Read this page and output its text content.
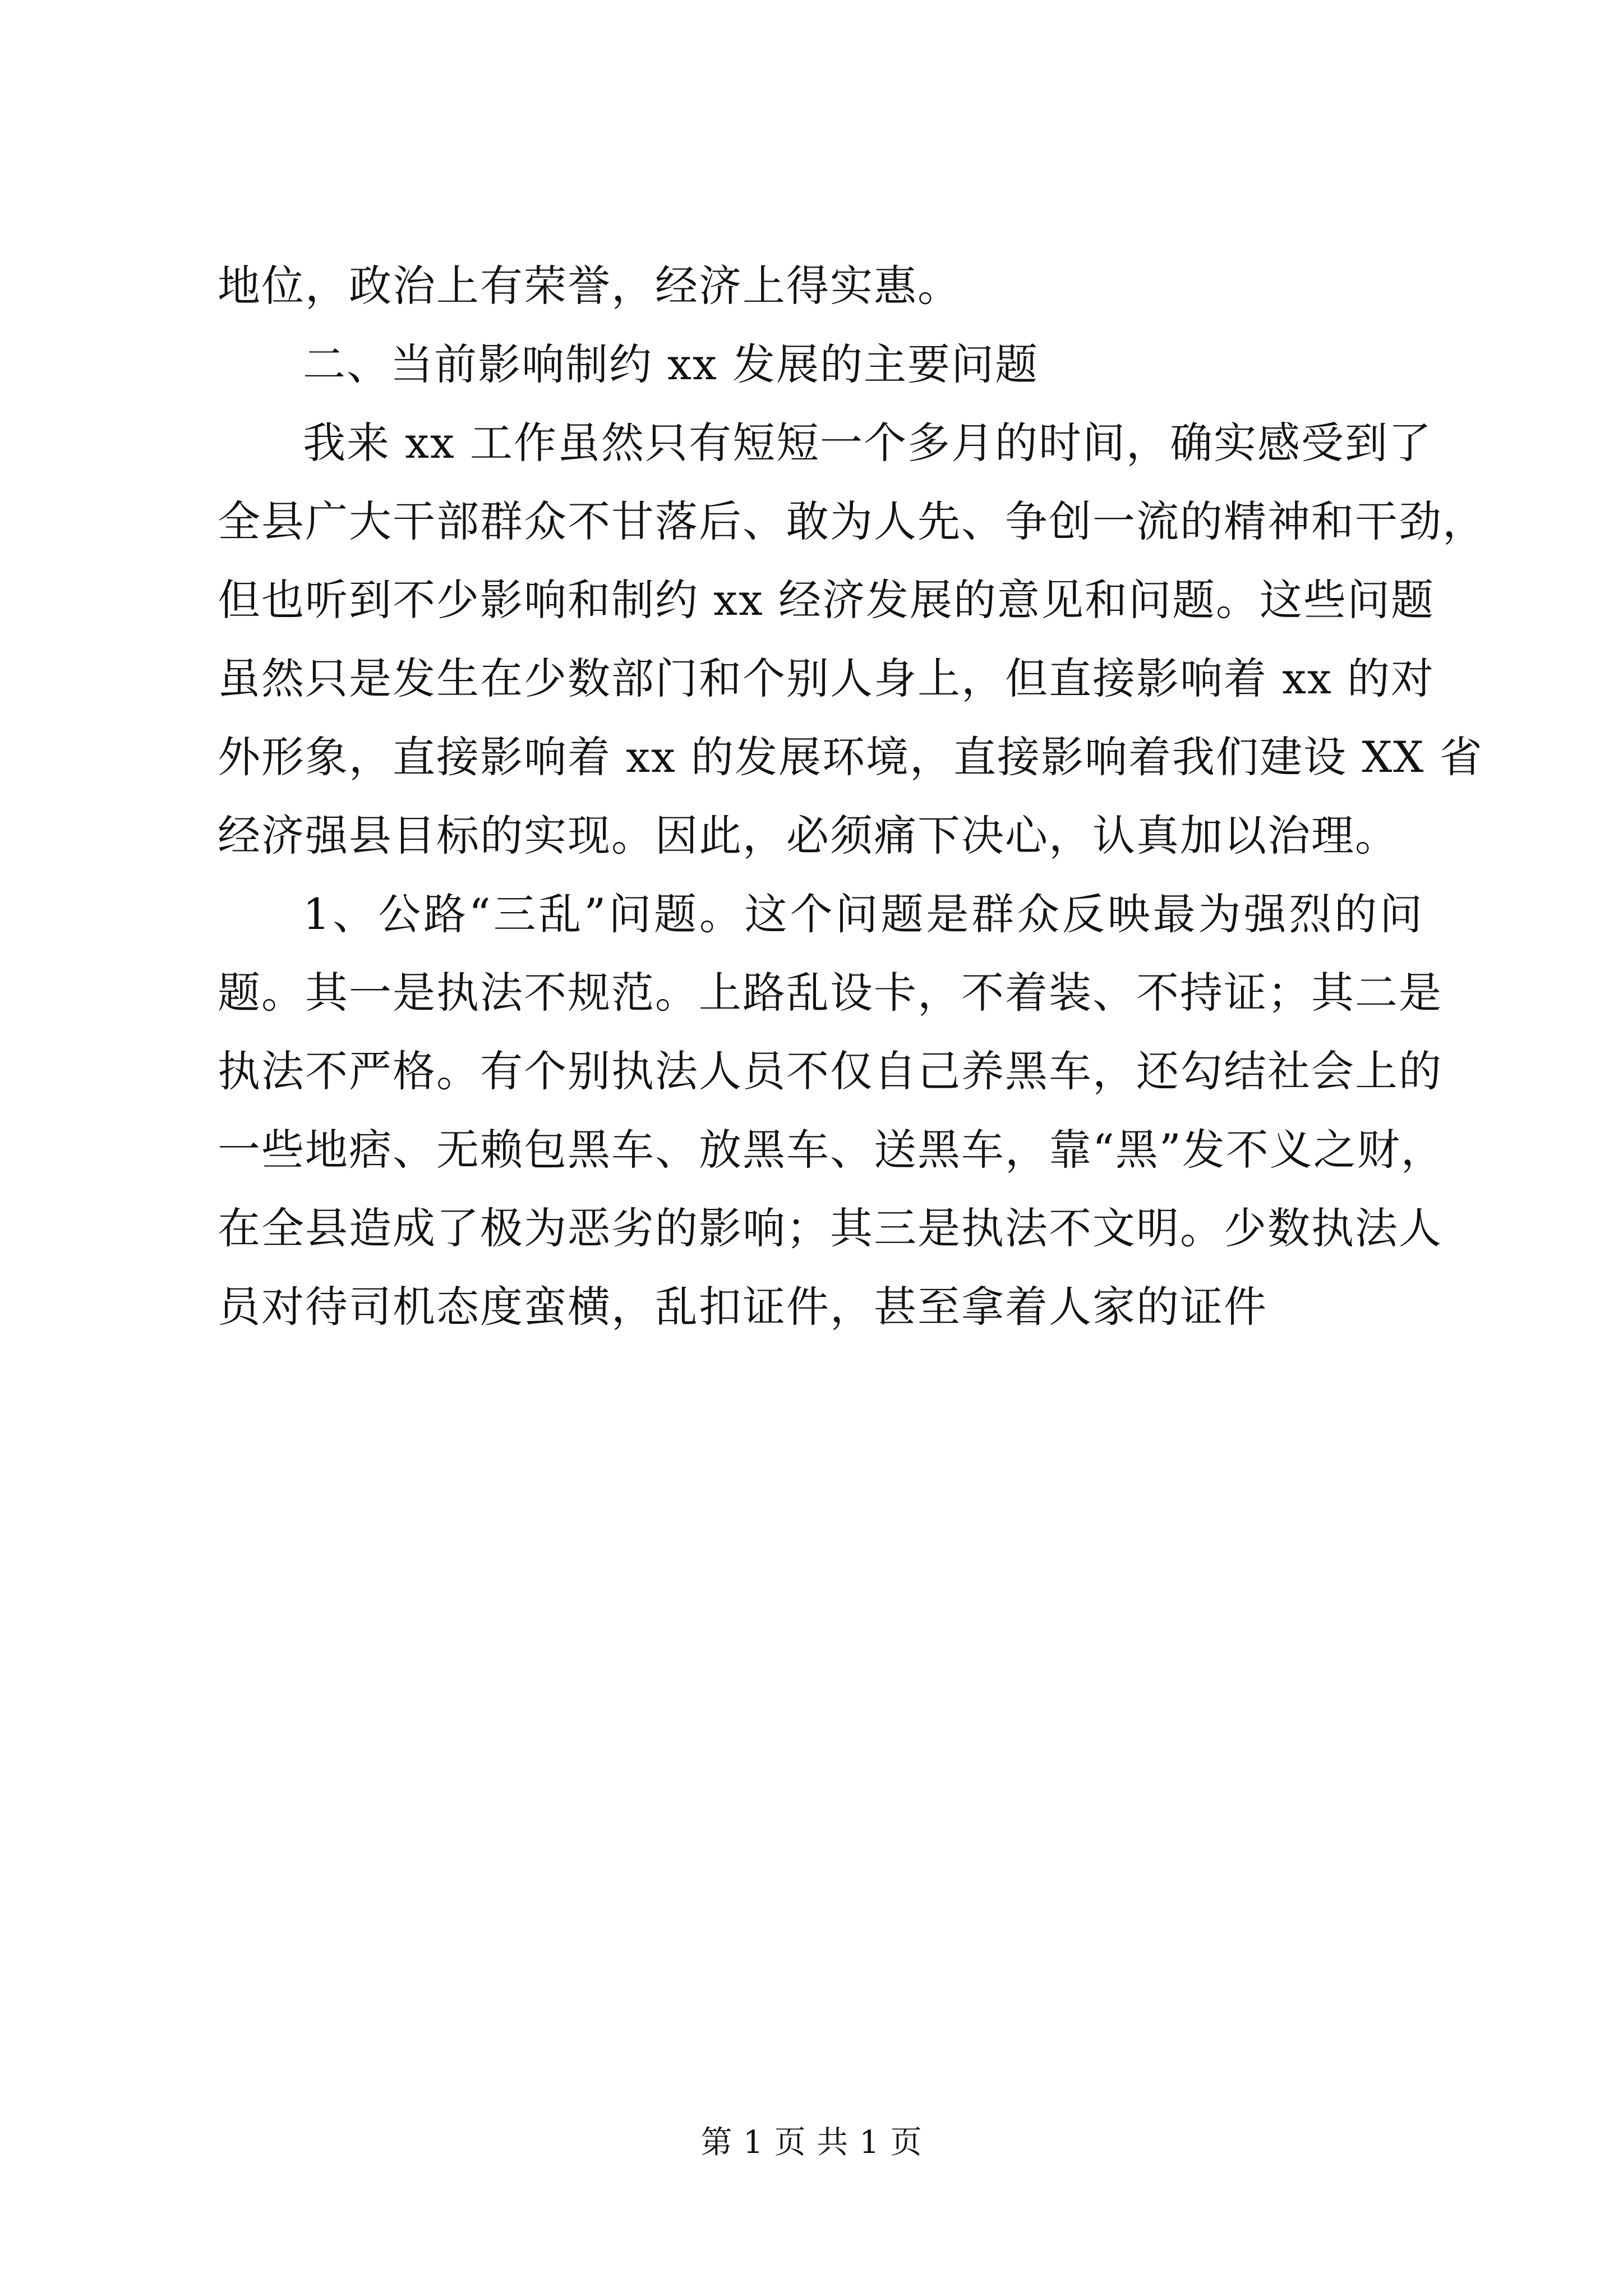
地位，政治上有荣誉，经济上得实惠。
二、当前影响制约 xx 发展的主要问题
我来 xx 工作虽然只有短短一个多月的时间，确实感受到了
全县广大干部群众不甘落后、敢为人先、争创一流的精神和干劲，
但也听到不少影响和制约 xx 经济发展的意见和问题。这些问题
虽然只是发生在少数部门和个别人身上，但直接影响着 xx 的对
外形象，直接影响着 xx 的发展环境，直接影响着我们建设 XX 省
经济强县目标的实现。因此，必须痛下决心，认真加以治理。
1、公路“三乱”问题。这个问题是群众反映最为强烈的问
题。其一是执法不规范。上路乱设卡，不着装、不持证；其二是
执法不严格。有个别执法人员不仅自己养黑车，还勾结社会上的
一些地痞、无赖包黑车、放黑车、送黑车，靠“黑”发不义之财，
在全县造成了极为恶劣的影响；其三是执法不文明。少数执法人
员对待司机态度蛮横，乱扣证件，甚至拿着人家的证件
第 1 页 共 1 页
